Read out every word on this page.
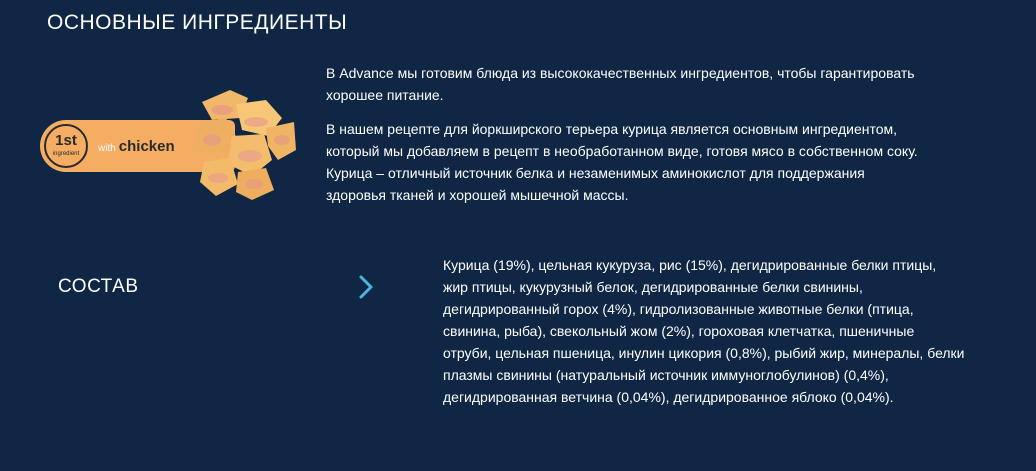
ОСНОВНЫЕ ИНГРЕДИЕНТЫ
1st
ingredient	with chicken

В Advance мы готовим блюда из высококачественных ингредиентов, чтобы гарантировать хорошее питание.

В нашем рецепте для йоркширского терьера курица является основным ингредиентом, который мы добавляем в рецепт в необработанном виде, готовя мясо в собственном соку. Курица – отличный источник белка и незаменимых аминокислот для поддержания здоровья тканей и хорошей мышечной массы.

СОСТАВ

Курица (19%), цельная кукуруза, рис (15%), дегидрированные белки птицы, жир птицы, кукурузный белок, дегидрированные белки свинины, дегидрированный горох (4%), гидролизованные животные белки (птица, свинина, рыба), свекольный жом (2%), гороховая клетчатка, пшеничные отруби, цельная пшеница, инулин цикория (0,8%), рыбий жир, минералы, белки плазмы свинины (натуральный источник иммуноглобулинов) (0,4%), дегидрированная ветчина (0,04%), дегидрированное яблоко (0,04%).
